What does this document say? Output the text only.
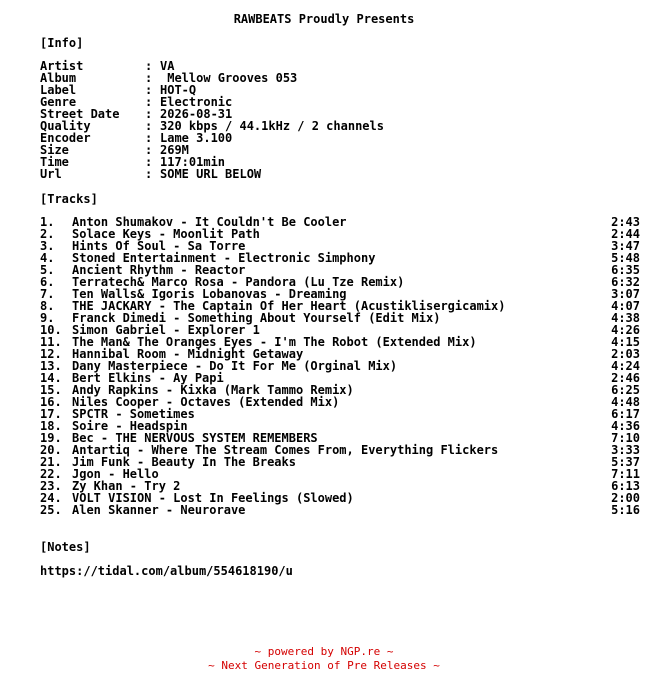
RAWBEATS Proudly Presents
[Info]
Artist	: VA
Album	: Mellow Grooves 053
Label	: HOT-Q
Genre	: Electronic
Street Date : 2026-08-31
Quality	: 320 kbps / 44.1kHz / 2 channels
Encoder	: Lame 3.100
Size	: 269M
Time	: 117:01min
Url	: SOME URL BELOW
[Tracks]
1. Anton Shumakov - It Couldn't Be Cooler	2:43
2. Solace Keys - Moonlit Path	2:44
3. Hints Of Soul - Sa Torre	3:47
4. Stoned Entertainment - Electronic Simphony	5:48
5. Ancient Rhythm - Reactor	6:35
6. Terratech& Marco Rosa - Pandora (Lu Tze Remix)	6:32
7. Ten Walls& Igoris Lobanovas - Dreaming	3:07
8. THE JACKARY - The Captain Of Her Heart (Acustiklisergicamix)	4:07
9. Franck Dimedi - Something About Yourself (Edit Mix)	4:38
10. Simon Gabriel - Explorer 1	4:26
11. The Man& The Oranges Eyes - I'm The Robot (Extended Mix)	4:15
12. Hannibal Room - Midnight Getaway	2:03
13. Dany Masterpiece - Do It For Me (Orginal Mix)	4:24
14. Bert Elkins - Ay Papi	2:46
15. Andy Rapkins - Kixka (Mark Tammo Remix)	6:25
16. Niles Cooper - Octaves (Extended Mix)	4:48
17. SPCTR - Sometimes	6:17
18. Soire - Headspin	4:36
19. Bec - THE NERVOUS SYSTEM REMEMBERS	7:10
20. Antartiq - Where The Stream Comes From, Everything Flickers	3:33
21. Jim Funk - Beauty In The Breaks	5:37
22. Jgon - Hello	7:11
23. Zy Khan - Try 2	6:13
24. VOLT VISION - Lost In Feelings (Slowed)	2:00
25. Alen Skanner - Neurorave	5:16
[Notes]
https://tidal.com/album/554618190/u
~ powered by NGP.re ~
~ Next Generation of Pre Releases ~
